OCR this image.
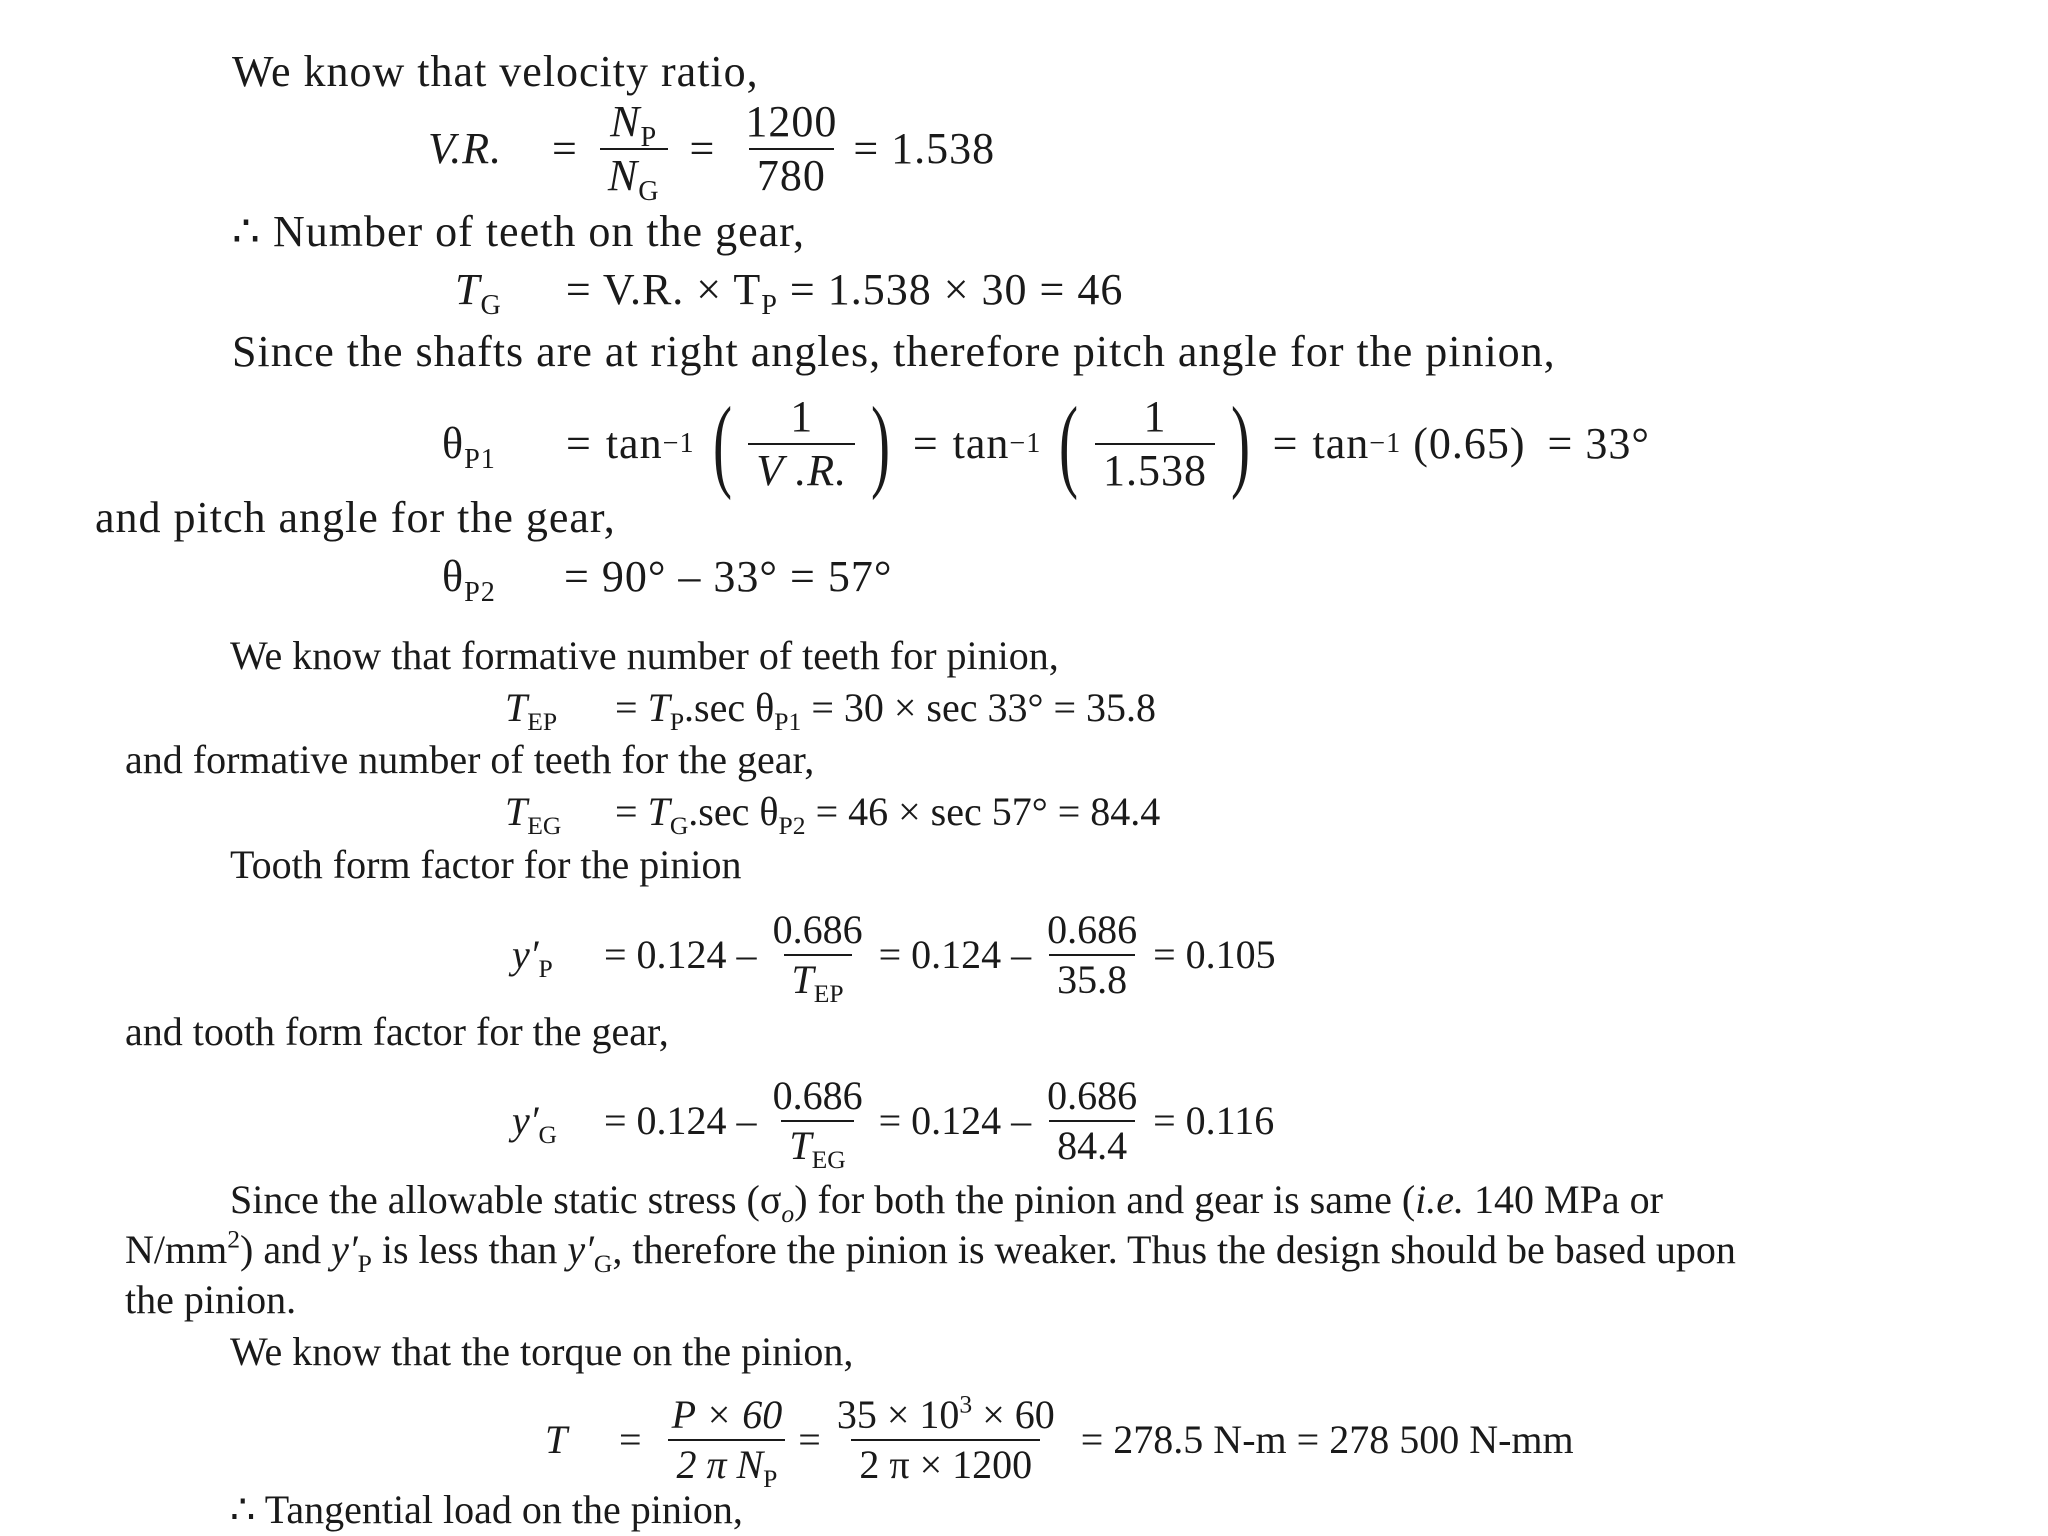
We know that velocity ratio,
V.R.	= $\frac{N_P}{N_G} = \frac{1200}{780} = 1.538$
∴ Number of teeth on the gear,
$T_G = V.R$. × $T_P = 1.538 \times 30 = 46$
Since the shafts are at right angles, therefore pitch angle for the pinion,
$\theta_{P1}$	= tan −1 ( $\frac{1}{V .R.}$ ) = tan −1 ( $\frac{1}{1.538}$ ) = tan −1 (0.65) = 33°
and pitch angle for the gear,
$\theta_{P2} = 90^\circ - 33^\circ = 57^\circ$
We know that formative number of teeth for pinion,
$T_{EP} = T_P.\sec$ $\theta_{P1} = 30 \times \sec 33^\circ = 35.8$
and formative number of teeth for the gear,
$T_{EG} = T_G.\sec$ $\theta_{P2} = 46 \times \sec 57^\circ = 84.4$
Tooth form factor for the pinion
$y'_P$	= $0.124 - \frac{0.686}{T_{EP}} = 0.124 - \frac{0.686}{35.8} = 0.105$
and tooth form factor for the gear,
$y'_G$	= $0.124 - \frac{0.686}{T_{EG}} = 0.124 - \frac{0.686}{84.4} = 0.116$
Since the allowable static stress $(\sigma_o)$ for both the pinion and gear is same (i.e. 140 MPa or
$N/mm^2$) and $y'_P$ is less than $y'_G$, therefore the pinion is weaker. Thus the design should be based upon
the pinion.
We know that the torque on the pinion,
T	= $\frac{P \times 60}{2 \pi N_P} = \frac{35 \times 10^3 \times 60}{2 \pi \times 1200} = 278.5$ N-m = 278 500 N-mm
∴ Tangential load on the pinion,
